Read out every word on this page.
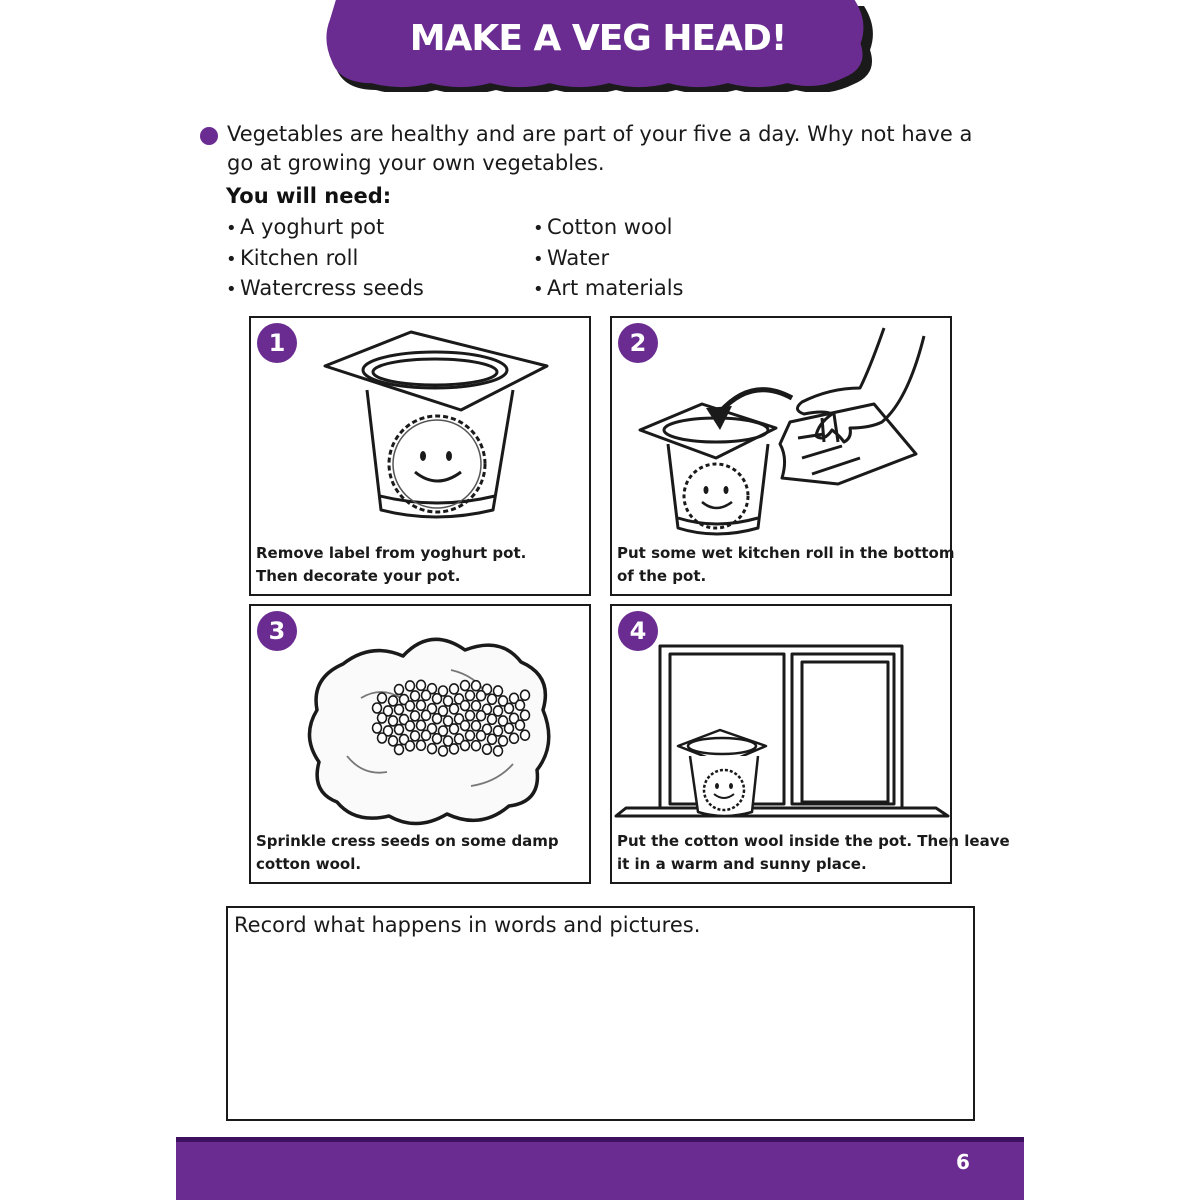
MAKE A VEG HEAD!

Vegetables are healthy and are part of your five a day. Why not have a go at growing your own vegetables.

You will need:
• A yoghurt pot
• Kitchen roll
• Watercress seeds
• Cotton wool
• Water
• Art materials
1
Remove label from yoghurt pot.
Then decorate your pot.
2
Put some wet kitchen roll in the bottom
of the pot.
3
Sprinkle cress seeds on some damp
cotton wool.
4
Put the cotton wool inside the pot. Then leave
it in a warm and sunny place.
Record what happens in words and pictures.
6
